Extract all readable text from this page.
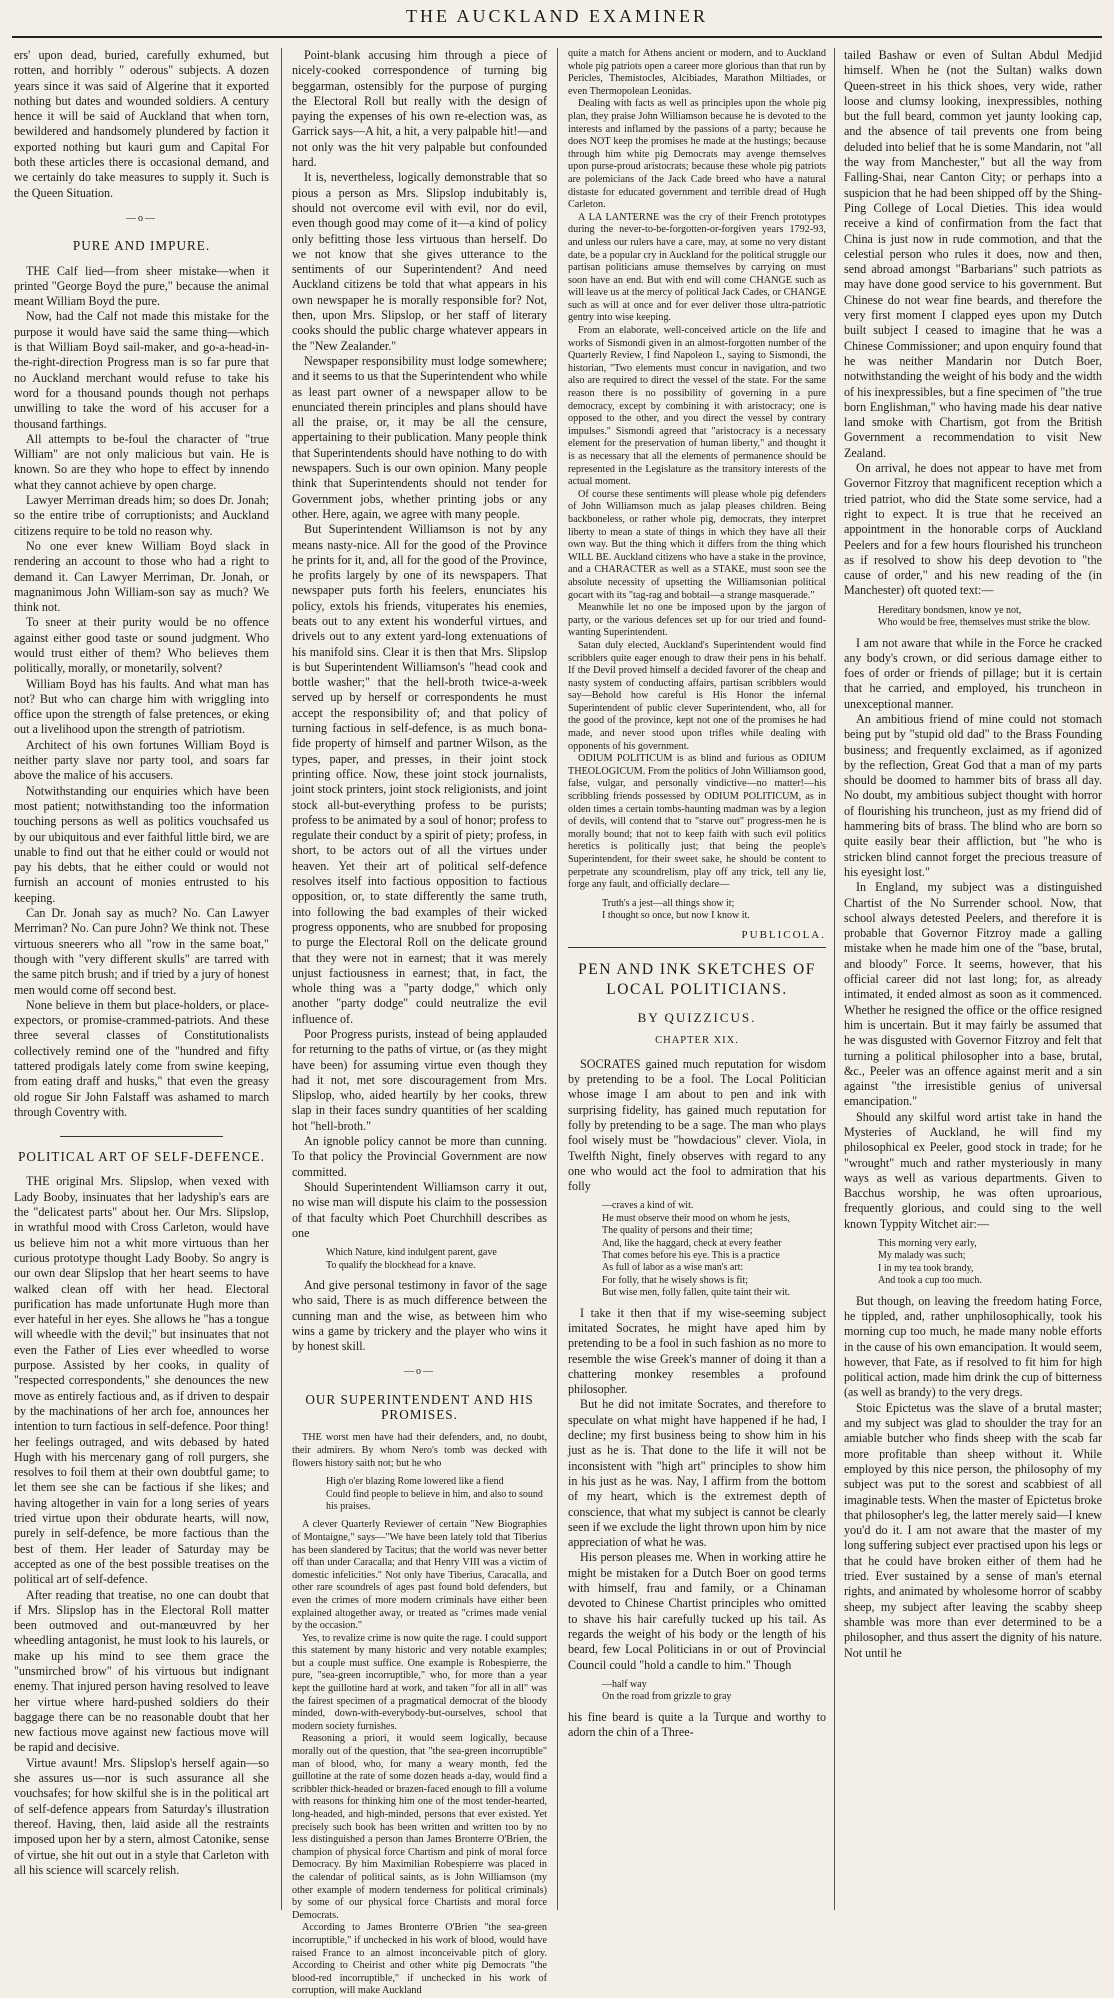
THE AUCKLAND EXAMINER

ers' upon dead, buried, carefully exhumed, but rotten, and horribly " oderous" subjects. A dozen years since it was said of Algerine that it exported nothing but dates and wounded soldiers. A century hence it will be said of Auckland that when torn, bewildered and handsomely plundered by faction it exported nothing but kauri gum and Capital For both these articles there is occasional demand, and we certainly do take measures to supply it. Such is the Queen Situation.

—o—
PURE AND IMPURE.

THE Calf lied—from sheer mistake—when it printed "George Boyd the pure," because the animal meant William Boyd the pure.

Now, had the Calf not made this mistake for the purpose it would have said the same thing—which is that William Boyd sail-maker, and go-a-head-in-the-right-direction Progress man is so far pure that no Auckland merchant would refuse to take his word for a thousand pounds though not perhaps unwilling to take the word of his accuser for a thousand farthings.

All attempts to be-foul the character of "true William" are not only malicious but vain. He is known. So are they who hope to effect by innendo what they cannot achieve by open charge.

Lawyer Merriman dreads him; so does Dr. Jonah; so the entire tribe of corruptionists; and Auckland citizens require to be told no reason why.

No one ever knew William Boyd slack in rendering an account to those who had a right to demand it. Can Lawyer Merriman, Dr. Jonah, or magnanimous John William-son say as much? We think not.

To sneer at their purity would be no offence against either good taste or sound judgment. Who would trust either of them? Who believes them politically, morally, or monetarily, solvent?

William Boyd has his faults. And what man has not? But who can charge him with wriggling into office upon the strength of false pretences, or eking out a livelihood upon the strength of patriotism.

Architect of his own fortunes William Boyd is neither party slave nor party tool, and soars far above the malice of his accusers.

Notwithstanding our enquiries which have been most patient; notwithstanding too the information touching persons as well as politics vouchsafed us by our ubiquitous and ever faithful little bird, we are unable to find out that he either could or would not pay his debts, that he either could or would not furnish an account of monies entrusted to his keeping.

Can Dr. Jonah say as much? No. Can Lawyer Merriman? No. Can pure John? We think not. These virtuous sneerers who all "row in the same boat," though with "very different skulls" are tarred with the same pitch brush; and if tried by a jury of honest men would come off second best.

None believe in them but place-holders, or place-expectors, or promise-crammed-patriots. And these three several classes of Constitutionalists collectively remind one of the "hundred and fifty tattered prodigals lately come from swine keeping, from eating draff and husks," that even the greasy old rogue Sir John Falstaff was ashamed to march through Coventry with.

POLITICAL ART OF SELF-DEFENCE.

THE original Mrs. Slipslop, when vexed with Lady Booby, insinuates that her ladyship's ears are the "delicatest parts" about her. Our Mrs. Slipslop, in wrathful mood with Cross Carleton, would have us believe him not a whit more virtuous than her curious prototype thought Lady Booby. So angry is our own dear Slipslop that her heart seems to have walked clean off with her head. Electoral purification has made unfortunate Hugh more than ever hateful in her eyes. She allows he "has a tongue will wheedle with the devil;" but insinuates that not even the Father of Lies ever wheedled to worse purpose. Assisted by her cooks, in quality of "respected correspondents," she denounces the new move as entirely factious and, as if driven to despair by the machinations of her arch foe, announces her intention to turn factious in self-defence. Poor thing! her feelings outraged, and wits debased by hated Hugh with his mercenary gang of roll purgers, she resolves to foil them at their own doubtful game; to let them see she can be factious if she likes; and having altogether in vain for a long series of years tried virtue upon their obdurate hearts, will now, purely in self-defence, be more factious than the best of them. Her leader of Saturday may be accepted as one of the best possible treatises on the political art of self-defence.

After reading that treatise, no one can doubt that if Mrs. Slipslop has in the Electoral Roll matter been outmoved and out-manœuvred by her wheedling antagonist, he must look to his laurels, or make up his mind to see them grace the "unsmirched brow" of his virtuous but indignant enemy. That injured person having resolved to leave her virtue where hard-pushed soldiers do their baggage there can be no reasonable doubt that her new factious move against new factious move will be rapid and decisive.

Virtue avaunt! Mrs. Slipslop's herself again—so she assures us—nor is such assurance all she vouchsafes; for how skilful she is in the political art of self-defence appears from Saturday's illustration thereof. Having, then, laid aside all the restraints imposed upon her by a stern, almost Catonike, sense of virtue, she hit out out in a style that Carleton with all his science will scarcely relish.

Point-blank accusing him through a piece of nicely-cooked correspondence of turning big beggarman, ostensibly for the purpose of purging the Electoral Roll but really with the design of paying the expenses of his own re-election was, as Garrick says—A hit, a hit, a very palpable hit!—and not only was the hit very palpable but confounded hard.

It is, nevertheless, logically demonstrable that so pious a person as Mrs. Slipslop indubitably is, should not overcome evil with evil, nor do evil, even though good may come of it—a kind of policy only befitting those less virtuous than herself. Do we not know that she gives utterance to the sentiments of our Superintendent? And need Auckland citizens be told that what appears in his own newspaper he is morally responsible for? Not, then, upon Mrs. Slipslop, or her staff of literary cooks should the public charge whatever appears in the "New Zealander."

Newspaper responsibility must lodge somewhere; and it seems to us that the Superintendent who while as least part owner of a newspaper allow to be enunciated therein principles and plans should have all the praise, or, it may be all the censure, appertaining to their publication. Many people think that Superintendents should have nothing to do with newspapers. Such is our own opinion. Many people think that Superintendents should not tender for Government jobs, whether printing jobs or any other. Here, again, we agree with many people.

But Superintendent Williamson is not by any means nasty-nice. All for the good of the Province he prints for it, and, all for the good of the Province, he profits largely by one of its newspapers. That newspaper puts forth his feelers, enunciates his policy, extols his friends, vituperates his enemies, beats out to any extent his wonderful virtues, and drivels out to any extent yard-long extenuations of his manifold sins. Clear it is then that Mrs. Slipslop is but Superintendent Williamson's "head cook and bottle washer;" that the hell-broth twice-a-week served up by herself or correspondents he must accept the responsibility of; and that policy of turning factious in self-defence, is as much bona-fide property of himself and partner Wilson, as the types, paper, and presses, in their joint stock printing office. Now, these joint stock journalists, joint stock printers, joint stock religionists, and joint stock all-but-everything profess to be purists; profess to be animated by a soul of honor; profess to regulate their conduct by a spirit of piety; profess, in short, to be actors out of all the virtues under heaven. Yet their art of political self-defence resolves itself into factious opposition to factious opposition, or, to state differently the same truth, into following the bad examples of their wicked progress opponents, who are snubbed for proposing to purge the Electoral Roll on the delicate ground that they were not in earnest; that it was merely unjust factiousness in earnest; that, in fact, the whole thing was a "party dodge," which only another "party dodge" could neutralize the evil influence of.

Poor Progress purists, instead of being applauded for returning to the paths of virtue, or (as they might have been) for assuming virtue even though they had it not, met sore discouragement from Mrs. Slipslop, who, aided heartily by her cooks, threw slap in their faces sundry quantities of her scalding hot "hell-broth."

An ignoble policy cannot be more than cunning. To that policy the Provincial Government are now committed.

Should Superintendent Williamson carry it out, no wise man will dispute his claim to the possession of that faculty which Poet Churchhill describes as one

Which Nature, kind indulgent parent, gave
To qualify the blockhead for a knave.

And give personal testimony in favor of the sage who said, There is as much difference between the cunning man and the wise, as between him who wins a game by trickery and the player who wins it by honest skill.

—o—
OUR SUPERINTENDENT AND HIS PROMISES.

THE worst men have had their defenders, and, no doubt, their admirers. By whom Nero's tomb was decked with flowers history saith not; but he who

High o'er blazing Rome lowered like a fiend
Could find people to believe in him, and also to sound his praises.

A clever Quarterly Reviewer of certain "New Biographies of Montaigne," says—"We have been lately told that Tiberius has been slandered by Tacitus; that the world was never better off than under Caracalla; and that Henry VIII was a victim of domestic infelicities." Not only have Tiberius, Caracalla, and other rare scoundrels of ages past found bold defenders, but even the crimes of more modern criminals have either been explained altogether away, or treated as "crimes made venial by the occasion."

Yes, to revalize crime is now quite the rage. I could support this statement by many historic and very notable examples; but a couple must suffice. One example is Robespierre, the pure, "sea-green incorruptible," who, for more than a year kept the guillotine hard at work, and taken "for all in all" was the fairest specimen of a pragmatical democrat of the bloody minded, down-with-everybody-but-ourselves, school that modern society furnishes.

Reasoning a priori, it would seem logically, because morally out of the question, that "the sea-green incorruptible" man of blood, who, for many a weary month, fed the guillotine at the rate of some dozen heads a-day, would find a scribbler thick-headed or brazen-faced enough to fill a volume with reasons for thinking him one of the most tender-hearted, long-headed, and high-minded, persons that ever existed. Yet precisely such book has been written and written too by no less distinguished a person than James Bronterre O'Brien, the champion of physical force Chartism and pink of moral force Democracy. By him Maximilian Robespierre was placed in the calendar of political saints, as is John Williamson (my other example of modern tenderness for political criminals) by some of our physical force Chartists and moral force Democrats.

According to James Bronterre O'Brien "the sea-green incorruptible," if unchecked in his work of blood, would have raised France to an almost inconceivable pitch of glory. According to Cheirist and other white pig Democrats "the blood-red incorruptible," if unchecked in his work of corruption, will make Auckland

quite a match for Athens ancient or modern, and to Auckland whole pig patriots open a career more glorious than that run by Pericles, Themistocles, Alcibiades, Marathon Miltiades, or even Thermopolean Leonidas.

Dealing with facts as well as principles upon the whole pig plan, they praise John Williamson because he is devoted to the interests and inflamed by the passions of a party; because he does NOT keep the promises he made at the hustings; because through him white pig Democrats may avenge themselves upon purse-proud aristocrats; because these whole pig patriots are polemicians of the Jack Cade breed who have a natural distaste for educated government and terrible dread of Hugh Carleton.

A LA LANTERNE was the cry of their French prototypes during the never-to-be-forgotten-or-forgiven years 1792-93, and unless our rulers have a care, may, at some no very distant date, be a popular cry in Auckland for the political struggle our partisan politicians amuse themselves by carrying on must soon have an end. But with end will come CHANGE such as will leave us at the mercy of political Jack Cades, or CHANGE such as will at once and for ever deliver those ultra-patriotic gentry into wise keeping.

From an elaborate, well-conceived article on the life and works of Sismondi given in an almost-forgotten number of the Quarterly Review, I find Napoleon I., saying to Sismondi, the historian, "Two elements must concur in navigation, and two also are required to direct the vessel of the state. For the same reason there is no possibility of governing in a pure democracy, except by combining it with aristocracy; one is opposed to the other, and you direct the vessel by contrary impulses." Sismondi agreed that "aristocracy is a necessary element for the preservation of human liberty," and thought it is as necessary that all the elements of permanence should be represented in the Legislature as the transitory interests of the actual moment.

Of course these sentiments will please whole pig defenders of John Williamson much as jalap pleases children. Being backboneless, or rather whole pig, democrats, they interpret liberty to mean a state of things in which they have all their own way. But the thing which it differs from the thing which WILL BE. Auckland citizens who have a stake in the province, and a CHARACTER as well as a STAKE, must soon see the absolute necessity of upsetting the Williamsonian political gocart with its "tag-rag and bobtail—a strange masquerade."

Meanwhile let no one be imposed upon by the jargon of party, or the various defences set up for our tried and found-wanting Superintendent.

Satan duly elected, Auckland's Superintendent would find scribblers quite eager enough to draw their pens in his behalf. If the Devil proved himself a decided favorer of the cheap and nasty system of conducting affairs, partisan scribblers would say—Behold how careful is His Honor the infernal Superintendent of public clever Superintendent, who, all for the good of the province, kept not one of the promises he had made, and never stood upon trifles while dealing with opponents of his government.

ODIUM POLITICUM is as blind and furious as ODIUM THEOLOGICUM. From the politics of John Williamson good, false, vulgar, and personally vindictive—no matter!—his scribbling friends possessed by ODIUM POLITICUM, as in olden times a certain tombs-haunting madman was by a legion of devils, will contend that to "starve out" progress-men he is morally bound; that not to keep faith with such evil politics heretics is politically just; that being the people's Superintendent, for their sweet sake, he should be content to perpetrate any scoundrelism, play off any trick, tell any lie, forge any fault, and officially declare—

Truth's a jest—all things show it;
I thought so once, but now I know it.
PUBLICOLA.
PEN AND INK SKETCHES OF LOCAL POLITICIANS.
BY QUIZZICUS.
CHAPTER XIX.

SOCRATES gained much reputation for wisdom by pretending to be a fool. The Local Politician whose image I am about to pen and ink with surprising fidelity, has gained much reputation for folly by pretending to be a sage. The man who plays fool wisely must be "howdacious" clever. Viola, in Twelfth Night, finely observes with regard to any one who would act the fool to admiration that his folly

—craves a kind of wit.
He must observe their mood on whom he jests,
The quality of persons and their time;
And, like the haggard, check at every feather
That comes before his eye. This is a practice
As full of labor as a wise man's art:
For folly, that he wisely shows is fit;
But wise men, folly fallen, quite taint their wit.

I take it then that if my wise-seeming subject imitated Socrates, he might have aped him by pretending to be a fool in such fashion as no more to resemble the wise Greek's manner of doing it than a chattering monkey resembles a profound philosopher.

But he did not imitate Socrates, and therefore to speculate on what might have happened if he had, I decline; my first business being to show him in his just as he is. That done to the life it will not be inconsistent with "high art" principles to show him in his just as he was. Nay, I affirm from the bottom of my heart, which is the extremest depth of conscience, that what my subject is cannot be clearly seen if we exclude the light thrown upon him by nice appreciation of what he was.

His person pleases me. When in working attire he might be mistaken for a Dutch Boer on good terms with himself, frau and family, or a Chinaman devoted to Chinese Chartist principles who omitted to shave his hair carefully tucked up his tail. As regards the weight of his body or the length of his beard, few Local Politicians in or out of Provincial Council could "hold a candle to him." Though

—half way
On the road from grizzle to gray

his fine beard is quite a la Turque and worthy to adorn the chin of a Three-

tailed Bashaw or even of Sultan Abdul Medjid himself. When he (not the Sultan) walks down Queen-street in his thick shoes, very wide, rather loose and clumsy looking, inexpressibles, nothing but the full beard, common yet jaunty looking cap, and the absence of tail prevents one from being deluded into belief that he is some Mandarin, not "all the way from Manchester," but all the way from Falling-Shai, near Canton City; or perhaps into a suspicion that he had been shipped off by the Shing-Ping College of Local Dieties. This idea would receive a kind of confirmation from the fact that China is just now in rude commotion, and that the celestial person who rules it does, now and then, send abroad amongst "Barbarians" such patriots as may have done good service to his government. But Chinese do not wear fine beards, and therefore the very first moment I clapped eyes upon my Dutch built subject I ceased to imagine that he was a Chinese Commissioner; and upon enquiry found that he was neither Mandarin nor Dutch Boer, notwithstanding the weight of his body and the width of his inexpressibles, but a fine specimen of "the true born Englishman," who having made his dear native land smoke with Chartism, got from the British Government a recommendation to visit New Zealand.

On arrival, he does not appear to have met from Governor Fitzroy that magnificent reception which a tried patriot, who did the State some service, had a right to expect. It is true that he received an appointment in the honorable corps of Auckland Peelers and for a few hours flourished his truncheon as if resolved to show his deep devotion to "the cause of order," and his new reading of the (in Manchester) oft quoted text:—

Hereditary bondsmen, know ye not,
Who would be free, themselves must strike the blow.

I am not aware that while in the Force he cracked any body's crown, or did serious damage either to foes of order or friends of pillage; but it is certain that he carried, and employed, his truncheon in unexceptional manner.

An ambitious friend of mine could not stomach being put by "stupid old dad" to the Brass Founding business; and frequently exclaimed, as if agonized by the reflection, Great God that a man of my parts should be doomed to hammer bits of brass all day. No doubt, my ambitious subject thought with horror of flourishing his truncheon, just as my friend did of hammering bits of brass. The blind who are born so quite easily bear their affliction, but "he who is stricken blind cannot forget the precious treasure of his eyesight lost."

In England, my subject was a distinguished Chartist of the No Surrender school. Now, that school always detested Peelers, and therefore it is probable that Governor Fitzroy made a galling mistake when he made him one of the "base, brutal, and bloody" Force. It seems, however, that his official career did not last long; for, as already intimated, it ended almost as soon as it commenced. Whether he resigned the office or the office resigned him is uncertain. But it may fairly be assumed that he was disgusted with Governor Fitzroy and felt that turning a political philosopher into a base, brutal, &c., Peeler was an offence against merit and a sin against "the irresistible genius of universal emancipation."

Should any skilful word artist take in hand the Mysteries of Auckland, he will find my philosophical ex Peeler, good stock in trade; for he "wrought" much and rather mysteriously in many ways as well as various departments. Given to Bacchus worship, he was often uproarious, frequently glorious, and could sing to the well known Typpity Witchet air:—

This morning very early,
My malady was such;
I in my tea took brandy,
And took a cup too much.

But though, on leaving the freedom hating Force, he tippled, and, rather unphilosophically, took his morning cup too much, he made many noble efforts in the cause of his own emancipation. It would seem, however, that Fate, as if resolved to fit him for high political action, made him drink the cup of bitterness (as well as brandy) to the very dregs.

Stoic Epictetus was the slave of a brutal master; and my subject was glad to shoulder the tray for an amiable butcher who finds sheep with the scab far more profitable than sheep without it. While employed by this nice person, the philosophy of my subject was put to the sorest and scabbiest of all imaginable tests. When the master of Epictetus broke that philosopher's leg, the latter merely said—I knew you'd do it. I am not aware that the master of my long suffering subject ever practised upon his legs or that he could have broken either of them had he tried. Ever sustained by a sense of man's eternal rights, and animated by wholesome horror of scabby sheep, my subject after leaving the scabby sheep shamble was more than ever determined to be a philosopher, and thus assert the dignity of his nature. Not until he
